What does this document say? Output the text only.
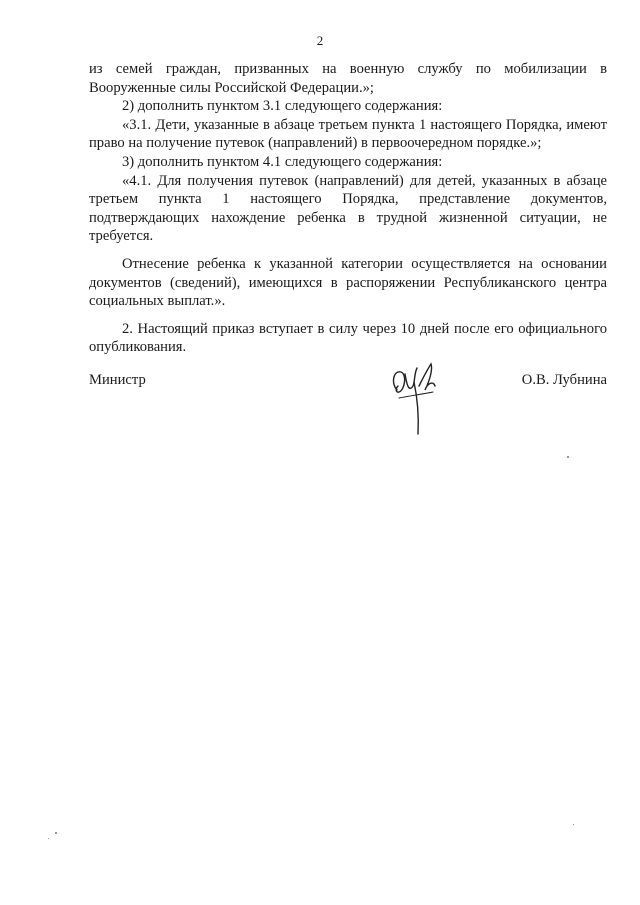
2

из семей граждан, призванных на военную службу по мобилизации в Вооруженные силы Российской Федерации.»;

2) дополнить пунктом 3.1 следующего содержания:

«3.1. Дети, указанные в абзаце третьем пункта 1 настоящего Порядка, имеют право на получение путевок (направлений) в первоочередном порядке.»;

3) дополнить пунктом 4.1 следующего содержания:

«4.1. Для получения путевок (направлений) для детей, указанных в абзаце третьем пункта 1 настоящего Порядка, представление документов, подтверждающих нахождение ребенка в трудной жизненной ситуации, не требуется.

Отнесение ребенка к указанной категории осуществляется на основании документов (сведений), имеющихся в распоряжении Республиканского центра социальных выплат.».

2. Настоящий приказ вступает в силу через 10 дней после его официального опубликования.

Министр	О.В. Лубнина
